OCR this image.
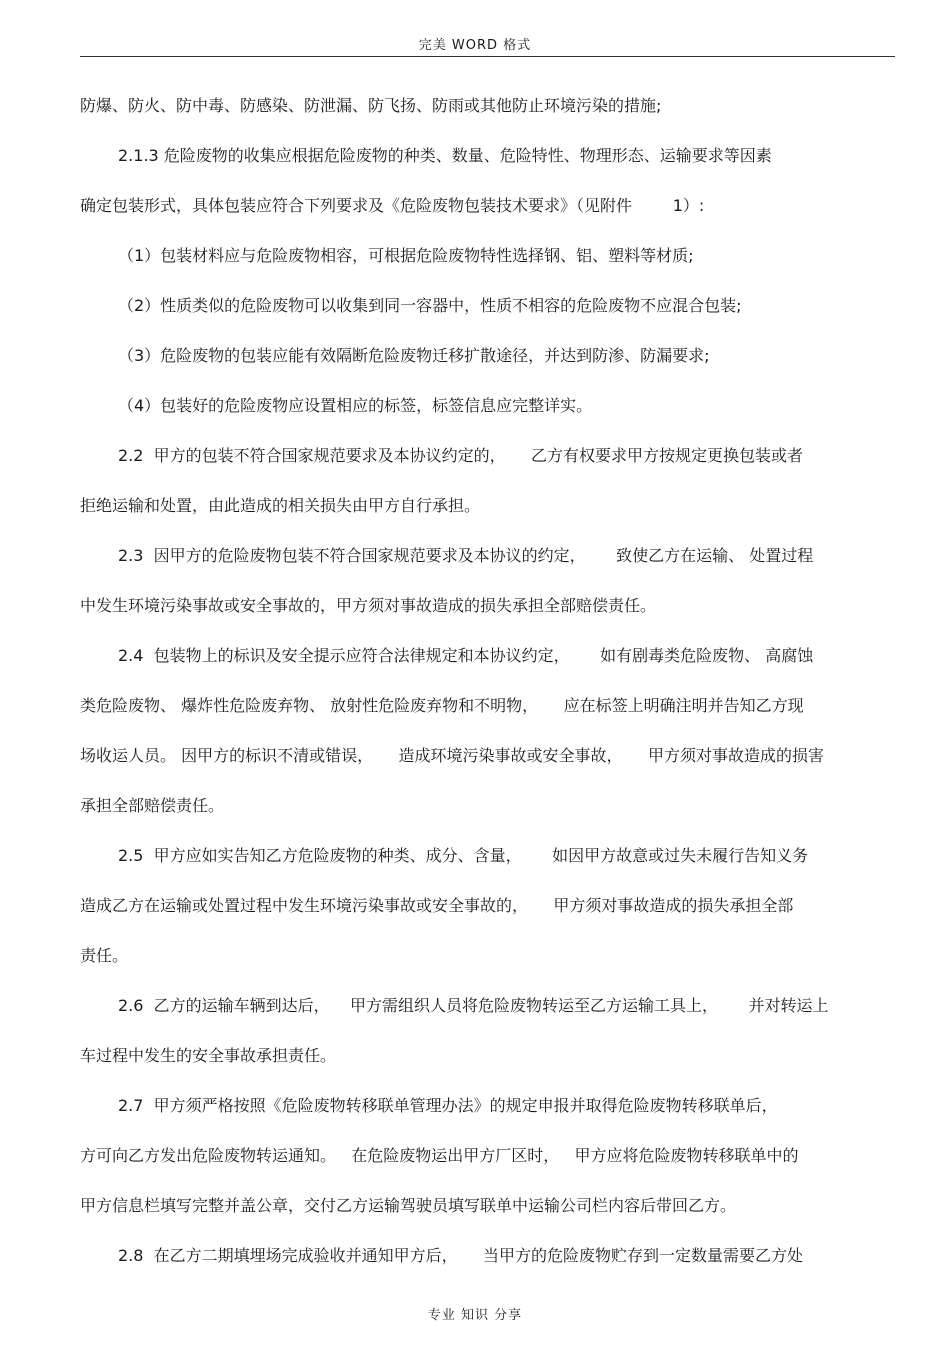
完美 WORD 格式
防爆、防火、防中毒、防感染、防泄漏、防飞扬、防雨或其他防止环境污染的措施;
2.1.3 危险废物的收集应根据危险废物的种类、数量、危险特性、物理形态、运输要求等因素
确定包装形式，具体包装应符合下列要求及《危险废物包装技术要求》（见附件        1）:
（1）包装材料应与危险废物相容，可根据危险废物特性选择钢、铝、塑料等材质;
（2）性质类似的危险废物可以收集到同一容器中，性质不相容的危险废物不应混合包装;
（3）危险废物的包装应能有效隔断危险废物迁移扩散途径，并达到防渗、防漏要求;
（4）包装好的危险废物应设置相应的标签，标签信息应完整详实。
2.2  甲方的包装不符合国家规范要求及本协议约定的，     乙方有权要求甲方按规定更换包装或者
拒绝运输和处置，由此造成的相关损失由甲方自行承担。
2.3  因甲方的危险废物包装不符合国家规范要求及本协议的约定，      致使乙方在运输、 处置过程
中发生环境污染事故或安全事故的，甲方须对事故造成的损失承担全部赔偿责任。
2.4  包装物上的标识及安全提示应符合法律规定和本协议约定，      如有剧毒类危险废物、 高腐蚀
类危险废物、 爆炸性危险废弃物、 放射性危险废弃物和不明物，     应在标签上明确注明并告知乙方现
场收运人员。 因甲方的标识不清或错误，     造成环境污染事故或安全事故，     甲方须对事故造成的损害
承担全部赔偿责任。
2.5  甲方应如实告知乙方危险废物的种类、成分、含量，      如因甲方故意或过失未履行告知义务
造成乙方在运输或处置过程中发生环境污染事故或安全事故的，     甲方须对事故造成的损失承担全部
责任。
2.6  乙方的运输车辆到达后，    甲方需组织人员将危险废物转运至乙方运输工具上，      并对转运上
车过程中发生的安全事故承担责任。
2.7  甲方须严格按照《危险废物转移联单管理办法》的规定申报并取得危险废物转移联单后，
方可向乙方发出危险废物转运通知。   在危险废物运出甲方厂区时，   甲方应将危险废物转移联单中的
甲方信息栏填写完整并盖公章，交付乙方运输驾驶员填写联单中运输公司栏内容后带回乙方。
2.8  在乙方二期填埋场完成验收并通知甲方后，     当甲方的危险废物贮存到一定数量需要乙方处
专业 知识 分享
